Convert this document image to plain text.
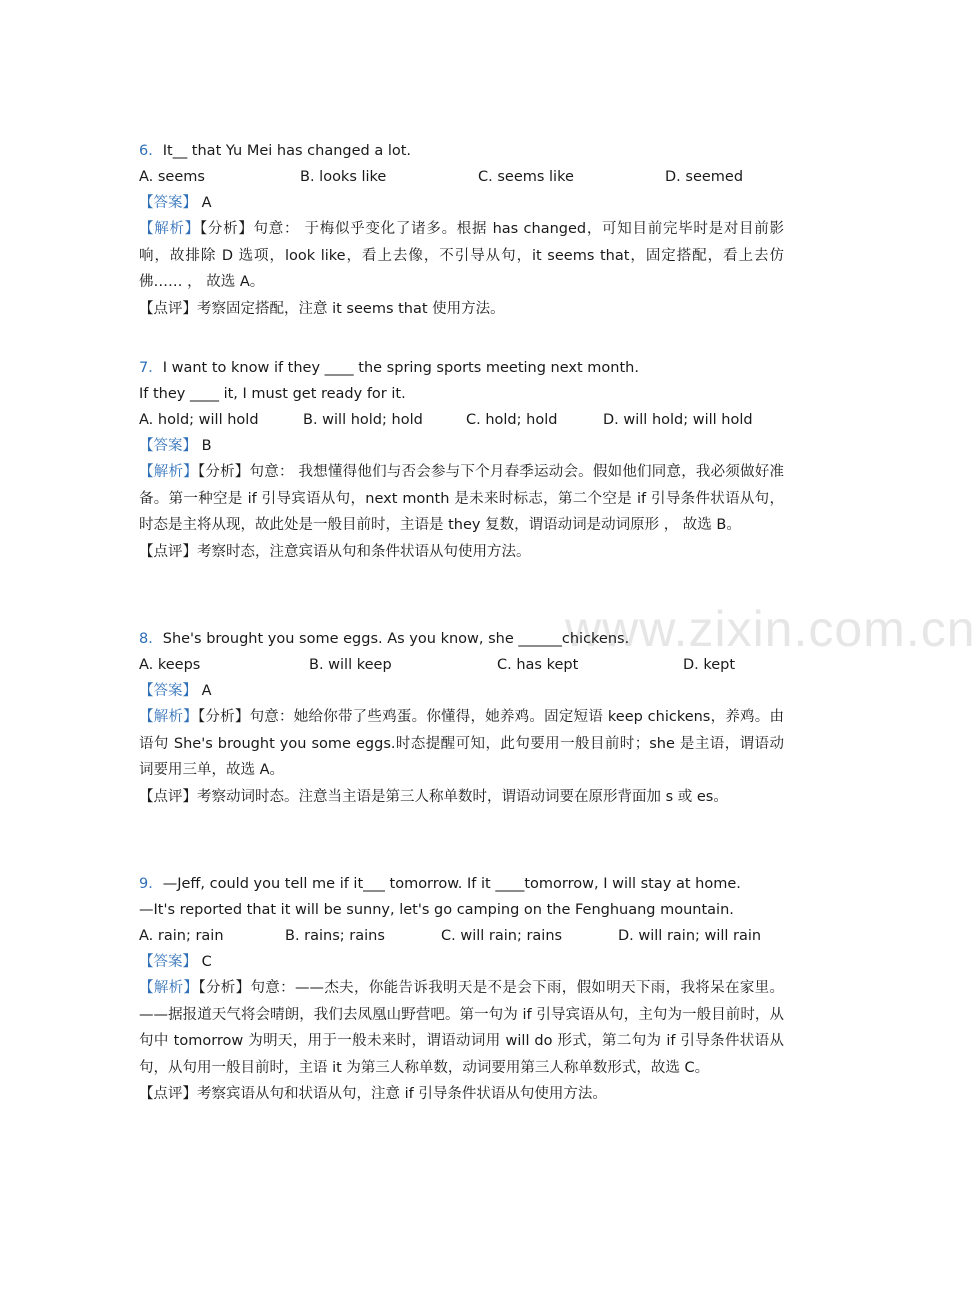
www.zixin.com.cn
6．It__ that Yu Mei has changed a lot.
A. seems	B. looks like	C. seems like	D. seemed
【答案】 A
【解析】【分析】句意： 于梅似乎变化了诸多。根据 has changed，可知目前完毕时是对目前影响，故排除 D 选项，look like，看上去像，不引导从句，it seems that，固定搭配，看上去仿佛…… ， 故选 A。
【点评】考察固定搭配，注意 it seems that 使用方法。
7．I want to know if they ____ the spring sports meeting next month.
If they ____ it, I must get ready for it.
A. hold; will hold	B. will hold; hold	C. hold; hold	D. will hold; will hold
【答案】 B
【解析】【分析】句意： 我想懂得他们与否会参与下个月春季运动会。假如他们同意，我必须做好准备。第一种空是 if 引导宾语从句，next month 是未来时标志，第二个空是 if 引导条件状语从句，时态是主将从现，故此处是一般目前时，主语是 they 复数，谓语动词是动词原形 ， 故选 B。
【点评】考察时态，注意宾语从句和条件状语从句使用方法。
8．She's brought you some eggs. As you know, she ______chickens.
A. keeps	B. will keep	C. has kept	D. kept
【答案】 A
【解析】【分析】句意：她给你带了些鸡蛋。你懂得，她养鸡。固定短语 keep chickens，养鸡。由语句 She's brought you some eggs.时态提醒可知，此句要用一般目前时；she 是主语，谓语动词要用三单，故选 A。
【点评】考察动词时态。注意当主语是第三人称单数时，谓语动词要在原形背面加 s 或 es。
9．—Jeff, could you tell me if it___ tomorrow. If it ____tomorrow, I will stay at home.
—It's reported that it will be sunny, let's go camping on the Fenghuang mountain.
A. rain; rain	B. rains; rains	C. will rain; rains	D. will rain; will rain
【答案】 C
【解析】【分析】句意：——杰夫，你能告诉我明天是不是会下雨，假如明天下雨，我将呆在家里。——据报道天气将会晴朗，我们去凤凰山野营吧。第一句为 if 引导宾语从句，主句为一般目前时，从句中 tomorrow 为明天，用于一般未来时，谓语动词用 will do 形式，第二句为 if 引导条件状语从句，从句用一般目前时，主语 it 为第三人称单数，动词要用第三人称单数形式，故选 C。
【点评】考察宾语从句和状语从句，注意 if 引导条件状语从句使用方法。
